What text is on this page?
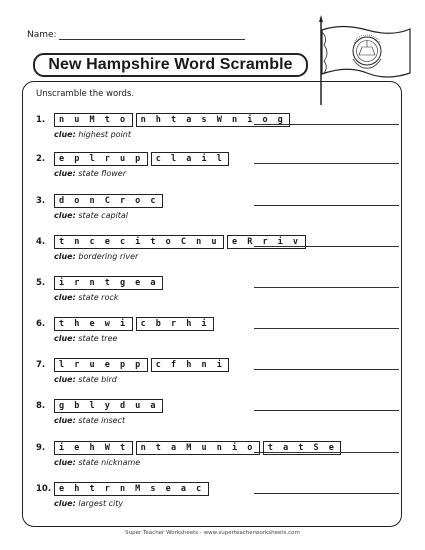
Name:
New Hampshire Word Scramble
Unscramble the words.
1.	n u M t o	n h t a s W n i o g
clue: highest point
2.	e p l r u p	c l a i l
clue: state flower
3.	d o n C r o c
clue: state capital
4.	t n c e c i t o C n u	e R r i v
clue: bordering river
5.	i r n t g e a
clue: state rock
6.	t h e w i	c b r h i
clue: state tree
7.	l r u e p p	c f h n i
clue: state bird
8.	g b l y d u a
clue: state insect
9.	i e h W t	n t a M u n i o	t a t S e
clue: state nickname
10. e h t r n M s e a c
clue: largest city
Super Teacher Worksheets - www.superteacherworksheets.com
